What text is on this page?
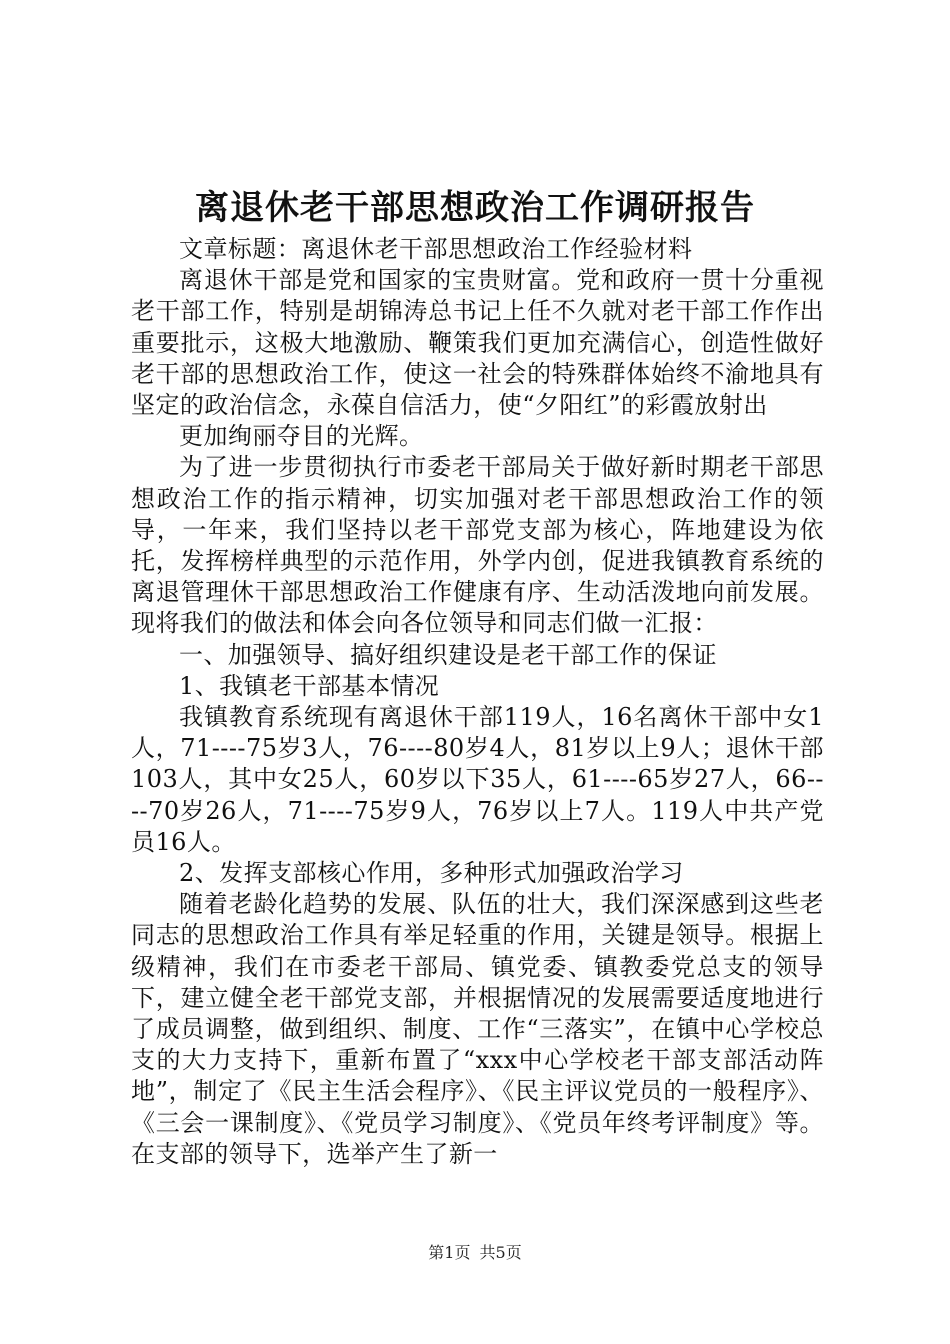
离退休老干部思想政治工作调研报告

文章标题：离退休老干部思想政治工作经验材料

离退休干部是党和国家的宝贵财富。党和政府一贯十分重视老干部工作，特别是胡锦涛总书记上任不久就对老干部工作作出重要批示，这极大地激励、鞭策我们更加充满信心，创造性做好老干部的思想政治工作，使这一社会的特殊群体始终不渝地具有坚定的政治信念，永葆自信活力，使“夕阳红”的彩霞放射出

更加绚丽夺目的光辉。

为了进一步贯彻执行市委老干部局关于做好新时期老干部思想政治工作的指示精神，切实加强对老干部思想政治工作的领导，一年来，我们坚持以老干部党支部为核心，阵地建设为依托，发挥榜样典型的示范作用，外学内创，促进我镇教育系统的离退管理休干部思想政治工作健康有序、生动活泼地向前发展。现将我们的做法和体会向各位领导和同志们做一汇报：

一、加强领导、搞好组织建设是老干部工作的保证

1、我镇老干部基本情况

我镇教育系统现有离退休干部119人，16名离休干部中女1人，71----75岁3人，76----80岁4人，81岁以上9人；退休干部103人，其中女25人，60岁以下35人，61----65岁27人，66----70岁26人，71----75岁9人，76岁以上7人。119人中共产党员16人。

2、发挥支部核心作用，多种形式加强政治学习

随着老龄化趋势的发展、队伍的壮大，我们深深感到这些老同志的思想政治工作具有举足轻重的作用，关键是领导。根据上级精神，我们在市委老干部局、镇党委、镇教委党总支的领导下，建立健全老干部党支部，并根据情况的发展需要适度地进行了成员调整，做到组织、制度、工作“三落实”，在镇中心学校总支的大力支持下，重新布置了“xxx中心学校老干部支部活动阵地”，制定了《民主生活会程序》、《民主评议党员的一般程序》、《三会一课制度》、《党员学习制度》、《党员年终考评制度》等。在支部的领导下，选举产生了新一

第1页 共5页
